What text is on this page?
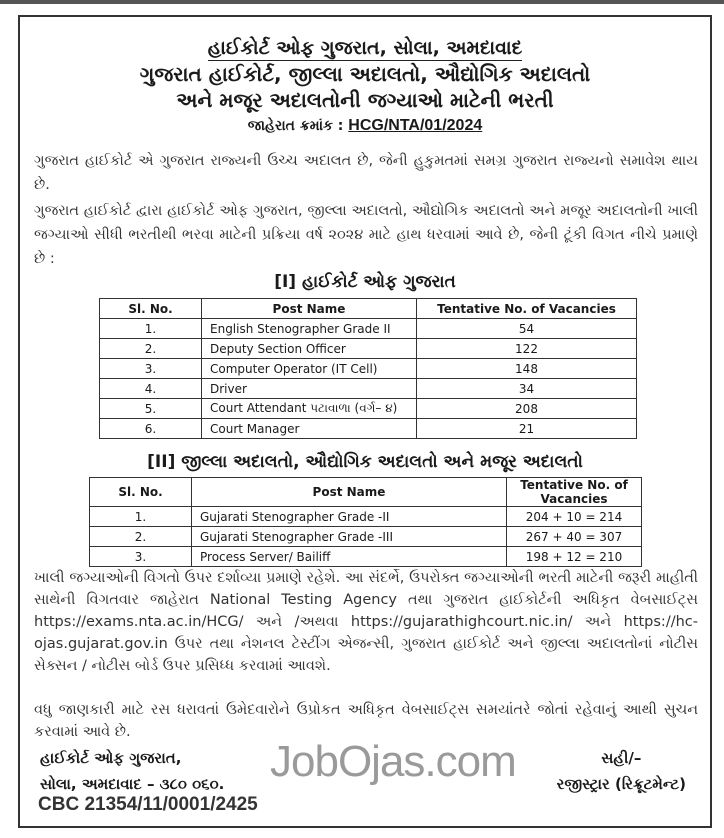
હાઈકોર્ટ ઓફ ગુજરાત, સોલા, અમદાવાદ
ગુજરાત હાઈકોર્ટ, જીલ્લા અદાલતો, ઔદ્યોગિક અદાલતો
અને મજૂર અદાલતોની જગ્યાઓ માટેની ભરતી
જાહેરાત ક્રમાંક : HCG/NTA/01/2024
ગુજરાત હાઈકોર્ટ એ ગુજરાત રાજ્યની ઉચ્ચ અદાલત છે, જેની હુકુમતમાં સમગ્ર ગુજરાત રાજ્યનો સમાવેશ થાય છે.
ગુજરાત હાઈકોર્ટ દ્વારા હાઈકોર્ટ ઓફ ગુજરાત, જીલ્લા અદાલતો, ઔદ્યોગિક અદાલતો અને મજૂર અદાલતોની ખાલી જગ્યાઓ સીધી ભરતીથી ભરવા માટેની પ્રક્રિયા વર્ષ ૨૦૨૪ માટે હાથ ધરવામાં આવે છે, જેની ટૂંકી વિગત નીચે પ્રમાણે છે :
[I] હાઈકોર્ટ ઓફ ગુજરાત
Sl. No.	Post Name	Tentative No. of Vacancies
1.	English Stenographer Grade II	54
2.	Deputy Section Officer	122
3.	Computer Operator (IT Cell)	148
4.	Driver	34
5.	Court Attendant પટાવાળા (વર્ગ– ૪)	208
6.	Court Manager	21
[II] જીલ્લા અદાલતો, ઔદ્યોગિક અદાલતો અને મજૂર અદાલતો
Sl. No.	Post Name	Tentative No. of Vacancies
1.	Gujarati Stenographer Grade -II	204 + 10 = 214
2.	Gujarati Stenographer Grade -III	267 + 40 = 307
3.	Process Server/ Bailiff	198 + 12 = 210
ખાલી જગ્યાઓની વિગતો ઉપર દર્શાવ્યા પ્રમાણે રહેશે. આ સંદર્ભે, ઉપરોક્ત જગ્યાઓની ભરતી માટેની જરૂરી માહીતી સાથેની વિગતવાર જાહેરાત National Testing Agency તથા ગુજરાત હાઈકોર્ટની અધિકૃત વેબસાઈટ્સ https://exams.nta.ac.in/HCG/ અને /અથવા https://gujarathighcourt.nic.in/ અને https://hc-ojas.gujarat.gov.in ઉપર તથા નેશનલ ટેસ્ટીંગ એજન્સી, ગુજરાત હાઈકોર્ટ અને જીલ્લા અદાલતોનાં નોટીસ સેક્સન / નોટીસ બોર્ડ ઉપર પ્રસિધ્ધ કરવામાં આવશે.
વધુ જાણકારી માટે રસ ધરાવતાં ઉમેદવારોને ઉપ્રોકત અધિકૃત વેબસાઈટ્સ સમયાંતરે જોતાં રહેવાનું આથી સુચન કરવામાં આવે છે.
હાઈકોર્ટ ઓફ ગુજરાત,
સોલા, અમદાવાદ – ૩૮૦ ૦૬૦.
સહી/–
રજીસ્ટ્રાર (રિક્રૂટમેન્ટ)
JobOjas.com
CBC 21354/11/0001/2425
